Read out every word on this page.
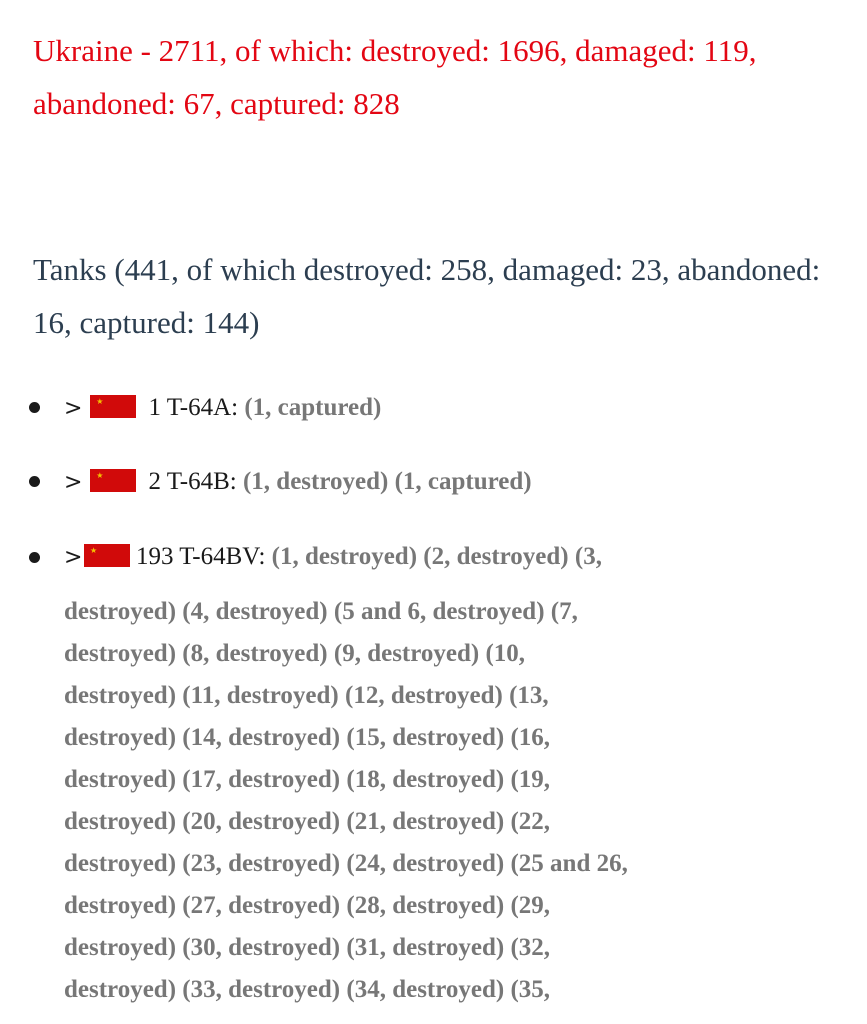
Ukraine - 2711, of which: destroyed: 1696, damaged: 119, abandoned: 67, captured: 828

Tanks (441, of which destroyed: 258, damaged: 23, abandoned: 16, captured: 144)

> ★ 1 T-64A: (1, captured)
> ★ 2 T-64B: (1, destroyed) (1, captured)
> ★ 193 T-64BV: (1, destroyed) (2, destroyed) (3,
destroyed) (4, destroyed) (5 and 6, destroyed) (7,
destroyed) (8, destroyed) (9, destroyed) (10,
destroyed) (11, destroyed) (12, destroyed) (13,
destroyed) (14, destroyed) (15, destroyed) (16,
destroyed) (17, destroyed) (18, destroyed) (19,
destroyed) (20, destroyed) (21, destroyed) (22,
destroyed) (23, destroyed) (24, destroyed) (25 and 26,
destroyed) (27, destroyed) (28, destroyed) (29,
destroyed) (30, destroyed) (31, destroyed) (32,
destroyed) (33, destroyed) (34, destroyed) (35,
